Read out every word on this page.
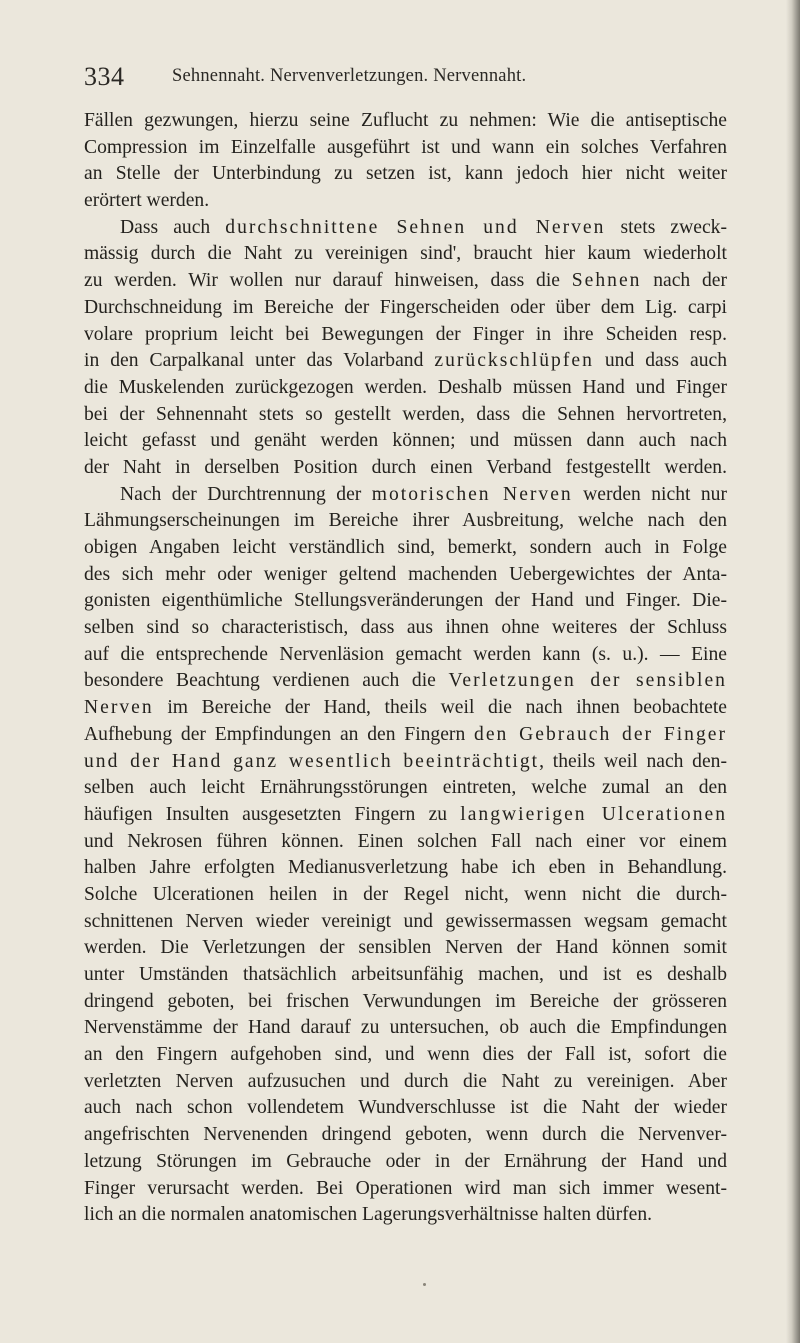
334	Sehnennaht. Nervenverletzungen. Nervennaht.
Fällen gezwungen, hierzu seine Zuflucht zu nehmen: Wie die antiseptische
Compression im Einzelfalle ausgeführt ist und wann ein solches Verfahren
an Stelle der Unterbindung zu setzen ist, kann jedoch hier nicht weiter
erörtert werden.
Dass auch durchschnittene Sehnen und Nerven stets zweck-
mässig durch die Naht zu vereinigen sind', braucht hier kaum wiederholt
zu werden. Wir wollen nur darauf hinweisen, dass die Sehnen nach der
Durchschneidung im Bereiche der Fingerscheiden oder über dem Lig. carpi
volare proprium leicht bei Bewegungen der Finger in ihre Scheiden resp.
in den Carpalkanal unter das Volarband zurückschlüpfen und dass auch
die Muskelenden zurückgezogen werden. Deshalb müssen Hand und Finger
bei der Sehnennaht stets so gestellt werden, dass die Sehnen hervortreten,
leicht gefasst und genäht werden können; und müssen dann auch nach
der Naht in derselben Position durch einen Verband festgestellt werden.
Nach der Durchtrennung der motorischen Nerven werden nicht nur
Lähmungserscheinungen im Bereiche ihrer Ausbreitung, welche nach den
obigen Angaben leicht verständlich sind, bemerkt, sondern auch in Folge
des sich mehr oder weniger geltend machenden Uebergewichtes der Anta-
gonisten eigenthümliche Stellungsveränderungen der Hand und Finger. Die-
selben sind so characteristisch, dass aus ihnen ohne weiteres der Schluss
auf die entsprechende Nervenläsion gemacht werden kann (s. u.). — Eine
besondere Beachtung verdienen auch die Verletzungen der sensiblen
Nerven im Bereiche der Hand, theils weil die nach ihnen beobachtete
Aufhebung der Empfindungen an den Fingern den Gebrauch der Finger
und der Hand ganz wesentlich beeinträchtigt, theils weil nach den-
selben auch leicht Ernährungsstörungen eintreten, welche zumal an den
häufigen Insulten ausgesetzten Fingern zu langwierigen Ulcerationen
und Nekrosen führen können. Einen solchen Fall nach einer vor einem
halben Jahre erfolgten Medianusverletzung habe ich eben in Behandlung.
Solche Ulcerationen heilen in der Regel nicht, wenn nicht die durch-
schnittenen Nerven wieder vereinigt und gewissermassen wegsam gemacht
werden. Die Verletzungen der sensiblen Nerven der Hand können somit
unter Umständen thatsächlich arbeitsunfähig machen, und ist es deshalb
dringend geboten, bei frischen Verwundungen im Bereiche der grösseren
Nervenstämme der Hand darauf zu untersuchen, ob auch die Empfindungen
an den Fingern aufgehoben sind, und wenn dies der Fall ist, sofort die
verletzten Nerven aufzusuchen und durch die Naht zu vereinigen. Aber
auch nach schon vollendetem Wundverschlusse ist die Naht der wieder
angefrischten Nervenenden dringend geboten, wenn durch die Nervenver-
letzung Störungen im Gebrauche oder in der Ernährung der Hand und
Finger verursacht werden. Bei Operationen wird man sich immer wesent-
lich an die normalen anatomischen Lagerungsverhältnisse halten dürfen.
